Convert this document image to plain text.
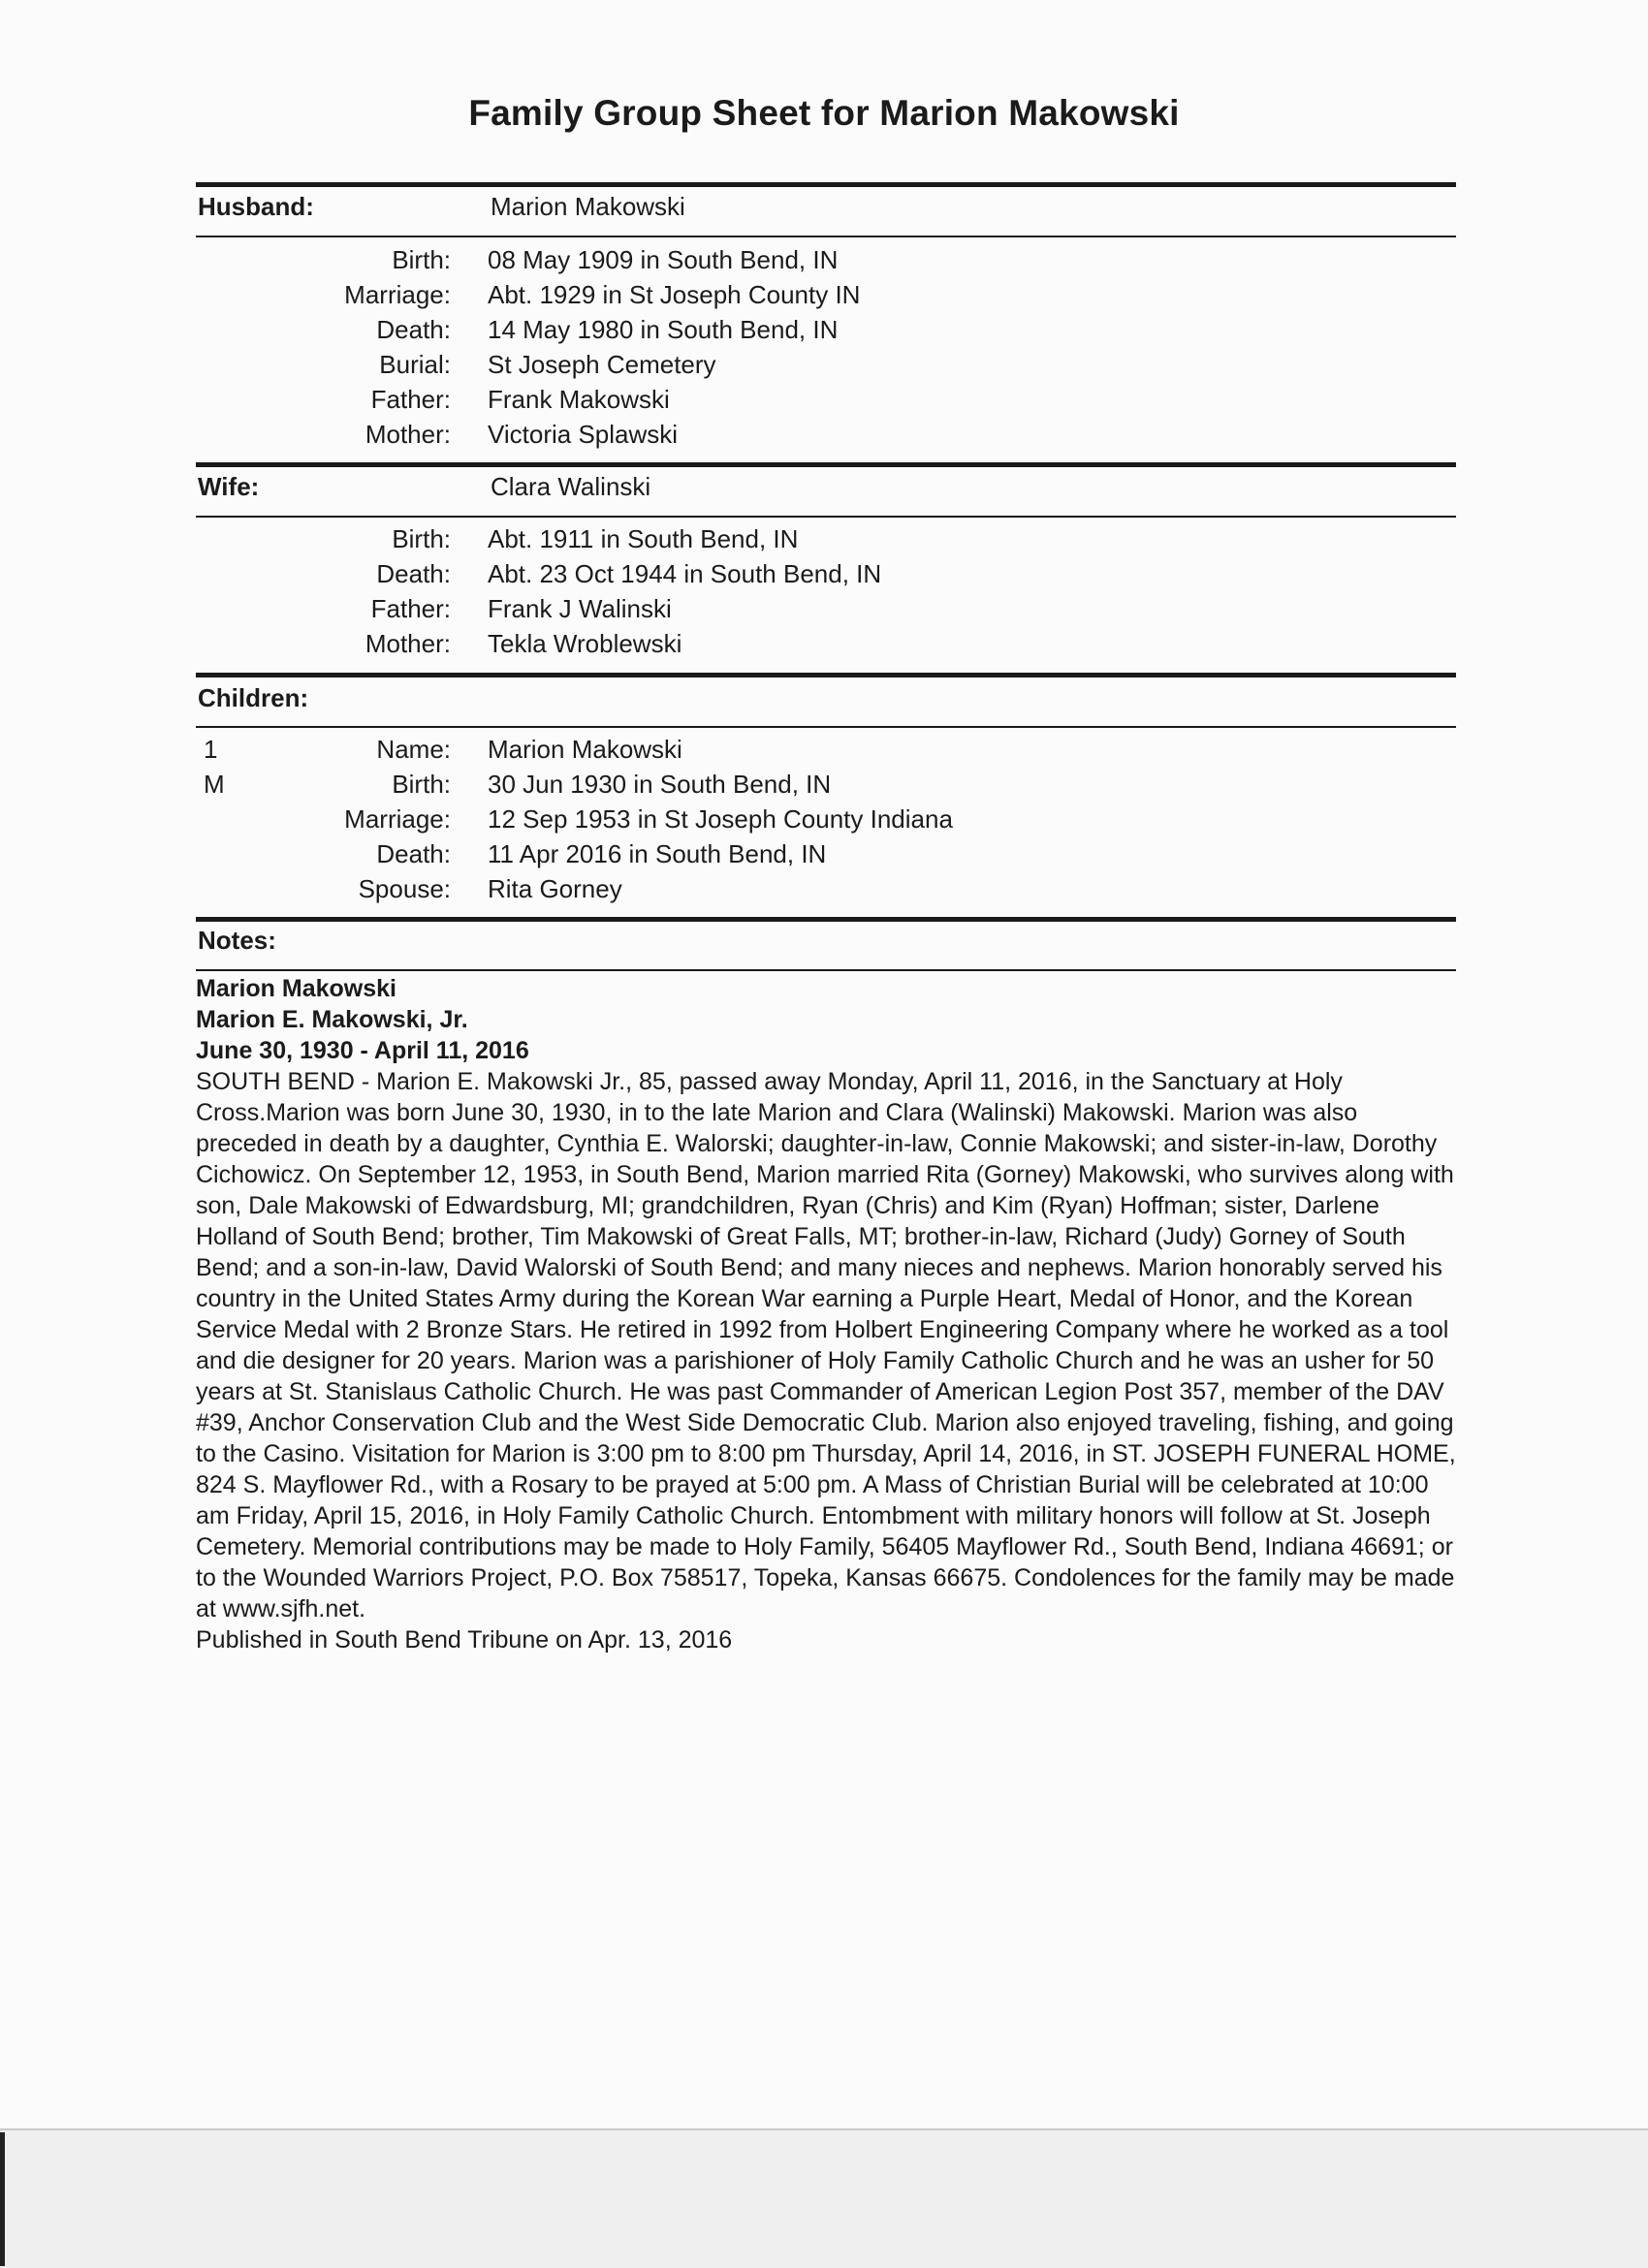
Family Group Sheet for Marion Makowski
Husband:	Marion Makowski
Birth: 08 May 1909 in South Bend, IN
Marriage: Abt. 1929 in St Joseph County IN
Death: 14 May 1980 in South Bend, IN
Burial: St Joseph Cemetery
Father: Frank Makowski
Mother: Victoria Splawski
Wife:	Clara Walinski
Birth: Abt. 1911 in South Bend, IN
Death: Abt. 23 Oct 1944 in South Bend, IN
Father: Frank J Walinski
Mother: Tekla Wroblewski
Children:
1
M
Name: Marion Makowski
Birth: 30 Jun 1930 in South Bend, IN
Marriage: 12 Sep 1953 in St Joseph County Indiana
Death: 11 Apr 2016 in South Bend, IN
Spouse: Rita Gorney
Notes:

Marion Makowski

Marion E. Makowski, Jr.

June 30, 1930 - April 11, 2016

SOUTH BEND - Marion E. Makowski Jr., 85, passed away Monday, April 11, 2016, in the Sanctuary at Holy Cross.Marion was born June 30, 1930, in to the late Marion and Clara (Walinski) Makowski. Marion was also preceded in death by a daughter, Cynthia E. Walorski; daughter-in-law, Connie Makowski; and sister-in-law, Dorothy Cichowicz. On September 12, 1953, in South Bend, Marion married Rita (Gorney) Makowski, who survives along with son, Dale Makowski of Edwardsburg, MI; grandchildren, Ryan (Chris) and Kim (Ryan) Hoffman; sister, Darlene Holland of South Bend; brother, Tim Makowski of Great Falls, MT; brother-in-law, Richard (Judy) Gorney of South Bend; and a son-in-law, David Walorski of South Bend; and many nieces and nephews. Marion honorably served his country in the United States Army during the Korean War earning a Purple Heart, Medal of Honor, and the Korean Service Medal with 2 Bronze Stars. He retired in 1992 from Holbert Engineering Company where he worked as a tool and die designer for 20 years. Marion was a parishioner of Holy Family Catholic Church and he was an usher for 50 years at St. Stanislaus Catholic Church. He was past Commander of American Legion Post 357, member of the DAV #39, Anchor Conservation Club and the West Side Democratic Club. Marion also enjoyed traveling, fishing, and going to the Casino. Visitation for Marion is 3:00 pm to 8:00 pm Thursday, April 14, 2016, in ST. JOSEPH FUNERAL HOME, 824 S. Mayflower Rd., with a Rosary to be prayed at 5:00 pm. A Mass of Christian Burial will be celebrated at 10:00 am Friday, April 15, 2016, in Holy Family Catholic Church. Entombment with military honors will follow at St. Joseph Cemetery. Memorial contributions may be made to Holy Family, 56405 Mayflower Rd., South Bend, Indiana 46691; or to the Wounded Warriors Project, P.O. Box 758517, Topeka, Kansas 66675. Condolences for the family may be made at www.sjfh.net.

Published in South Bend Tribune on Apr. 13, 2016
